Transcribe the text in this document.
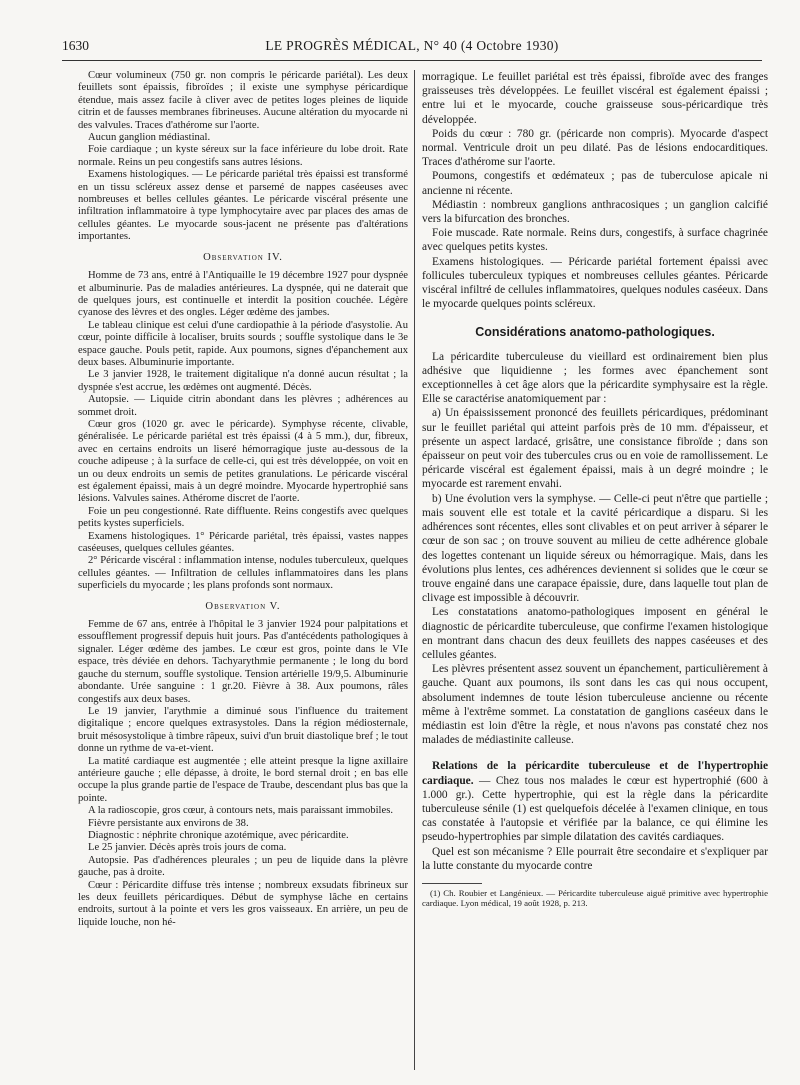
1630	LE PROGRÈS MÉDICAL, N° 40 (4 Octobre 1930)

Cœur volumineux (750 gr. non compris le péricarde pariétal). Les deux feuillets sont épaissis, fibroïdes ; il existe une symphyse péricardique étendue, mais assez facile à cliver avec de petites loges pleines de liquide citrin et de fausses membranes fibrineuses. Aucune altération du myocarde ni des valvules. Traces d'athérome sur l'aorte.

Aucun ganglion médiastinal.

Foie cardiaque ; un kyste séreux sur la face inférieure du lobe droit. Rate normale. Reins un peu congestifs sans autres lésions.

Examens histologiques. — Le péricarde pariétal très épaissi est transformé en un tissu scléreux assez dense et parsemé de nappes caséeuses avec nombreuses et belles cellules géantes. Le péricarde viscéral présente une infiltration inflammatoire à type lymphocytaire avec par places des amas de cellules géantes. Le myocarde sous-jacent ne présente pas d'altérations importantes.

Observation IV.

Homme de 73 ans, entré à l'Antiquaille le 19 décembre 1927 pour dyspnée et albuminurie. Pas de maladies antérieures. La dyspnée, qui ne daterait que de quelques jours, est continuelle et interdit la position couchée. Légère cyanose des lèvres et des ongles. Léger œdème des jambes.

Le tableau clinique est celui d'une cardiopathie à la période d'asystolie. Au cœur, pointe difficile à localiser, bruits sourds ; souffle systolique dans le 3e espace gauche. Pouls petit, rapide. Aux poumons, signes d'épanchement aux deux bases. Albuminurie importante.

Le 3 janvier 1928, le traitement digitalique n'a donné aucun résultat ; la dyspnée s'est accrue, les œdèmes ont augmenté. Décès.

Autopsie. — Liquide citrin abondant dans les plèvres ; adhérences au sommet droit.

Cœur gros (1020 gr. avec le péricarde). Symphyse récente, clivable, généralisée. Le péricarde pariétal est très épaissi (4 à 5 mm.), dur, fibreux, avec en certains endroits un liseré hémorragique juste au-dessous de la couche adipeuse ; à la surface de celle-ci, qui est très développée, on voit en un ou deux endroits un semis de petites granulations. Le péricarde viscéral est également épaissi, mais à un degré moindre. Myocarde hypertrophié sans lésions. Valvules saines. Athérome discret de l'aorte.

Foie un peu congestionné. Rate diffluente. Reins congestifs avec quelques petits kystes superficiels.

Examens histologiques. 1° Péricarde pariétal, très épaissi, vastes nappes caséeuses, quelques cellules géantes.

2° Péricarde viscéral : inflammation intense, nodules tuberculeux, quelques cellules géantes. — Infiltration de cellules inflammatoires dans les plans superficiels du myocarde ; les plans profonds sont normaux.

Observation V.

Femme de 67 ans, entrée à l'hôpital le 3 janvier 1924 pour palpitations et essoufflement progressif depuis huit jours. Pas d'antécédents pathologiques à signaler. Léger œdème des jambes. Le cœur est gros, pointe dans le VIe espace, très déviée en dehors. Tachyarythmie permanente ; le long du bord gauche du sternum, souffle systolique. Tension artérielle 19/9,5. Albuminurie abondante. Urée sanguine : 1 gr.20. Fièvre à 38. Aux poumons, râles congestifs aux deux bases.

Le 19 janvier, l'arythmie a diminué sous l'influence du traitement digitalique ; encore quelques extrasystoles. Dans la région médiosternale, bruit mésosystolique à timbre râpeux, suivi d'un bruit diastolique bref ; le tout donne un rythme de va-et-vient.

La matité cardiaque est augmentée ; elle atteint presque la ligne axillaire antérieure gauche ; elle dépasse, à droite, le bord sternal droit ; en bas elle occupe la plus grande partie de l'espace de Traube, descendant plus bas que la pointe.

A la radioscopie, gros cœur, à contours nets, mais paraissant immobiles.

Fièvre persistante aux environs de 38.

Diagnostic : néphrite chronique azotémique, avec péricardite.

Le 25 janvier. Décès après trois jours de coma.

Autopsie. Pas d'adhérences pleurales ; un peu de liquide dans la plèvre gauche, pas à droite.

Cœur : Péricardite diffuse très intense ; nombreux exsudats fibrineux sur les deux feuillets péricardiques. Début de symphyse lâche en certains endroits, surtout à la pointe et vers les gros vaisseaux. En arrière, un peu de liquide louche, non hé-

morragique. Le feuillet pariétal est très épaissi, fibroïde avec des franges graisseuses très développées. Le feuillet viscéral est également épaissi ; entre lui et le myocarde, couche graisseuse sous-péricardique très développée.

Poids du cœur : 780 gr. (péricarde non compris). Myocarde d'aspect normal. Ventricule droit un peu dilaté. Pas de lésions endocarditiques. Traces d'athérome sur l'aorte.

Poumons, congestifs et œdémateux ; pas de tuberculose apicale ni ancienne ni récente.

Médiastin : nombreux ganglions anthracosiques ; un ganglion calcifié vers la bifurcation des bronches.

Foie muscade. Rate normale. Reins durs, congestifs, à surface chagrinée avec quelques petits kystes.

Examens histologiques. — Péricarde pariétal fortement épaissi avec follicules tuberculeux typiques et nombreuses cellules géantes. Péricarde viscéral infiltré de cellules inflammatoires, quelques nodules caséeux. Dans le myocarde quelques points scléreux.

Considérations anatomo-pathologiques.

La péricardite tuberculeuse du vieillard est ordinairement bien plus adhésive que liquidienne ; les formes avec épanchement sont exceptionnelles à cet âge alors que la péricardite symphysaire est la règle. Elle se caractérise anatomiquement par :

a) Un épaississement prononcé des feuillets péricardiques, prédominant sur le feuillet pariétal qui atteint parfois près de 10 mm. d'épaisseur, et présente un aspect lardacé, grisâtre, une consistance fibroïde ; dans son épaisseur on peut voir des tubercules crus ou en voie de ramollissement. Le péricarde viscéral est également épaissi, mais à un degré moindre ; le myocarde est rarement envahi.

b) Une évolution vers la symphyse. — Celle-ci peut n'être que partielle ; mais souvent elle est totale et la cavité péricardique a disparu. Si les adhérences sont récentes, elles sont clivables et on peut arriver à séparer le cœur de son sac ; on trouve souvent au milieu de cette adhérence globale des logettes contenant un liquide séreux ou hémorragique. Mais, dans les évolutions plus lentes, ces adhérences deviennent si solides que le cœur se trouve engainé dans une carapace épaissie, dure, dans laquelle tout plan de clivage est impossible à découvrir.

Les constatations anatomo-pathologiques imposent en général le diagnostic de péricardite tuberculeuse, que confirme l'examen histologique en montrant dans chacun des deux feuillets des nappes caséeuses et des cellules géantes.

Les plèvres présentent assez souvent un épanchement, particulièrement à gauche. Quant aux poumons, ils sont dans les cas qui nous occupent, absolument indemnes de toute lésion tuberculeuse ancienne ou récente même à l'extrême sommet. La constatation de ganglions caséeux dans le médiastin est loin d'être la règle, et nous n'avons pas constaté chez nos malades de médiastinite calleuse.

Relations de la péricardite tuberculeuse et de l'hypertrophie cardiaque. — Chez tous nos malades le cœur est hypertrophié (600 à 1.000 gr.). Cette hypertrophie, qui est la règle dans la péricardite tuberculeuse sénile (1) est quelquefois décelée à l'examen clinique, en tous cas constatée à l'autopsie et vérifiée par la balance, ce qui élimine les pseudo-hypertrophies par simple dilatation des cavités cardiaques.

Quel est son mécanisme ? Elle pourrait être secondaire et s'expliquer par la lutte constante du myocarde contre

(1) Ch. Roubier et Langénieux. — Péricardite tuberculeuse aiguë primitive avec hypertrophie cardiaque. Lyon médical, 19 août 1928, p. 213.
